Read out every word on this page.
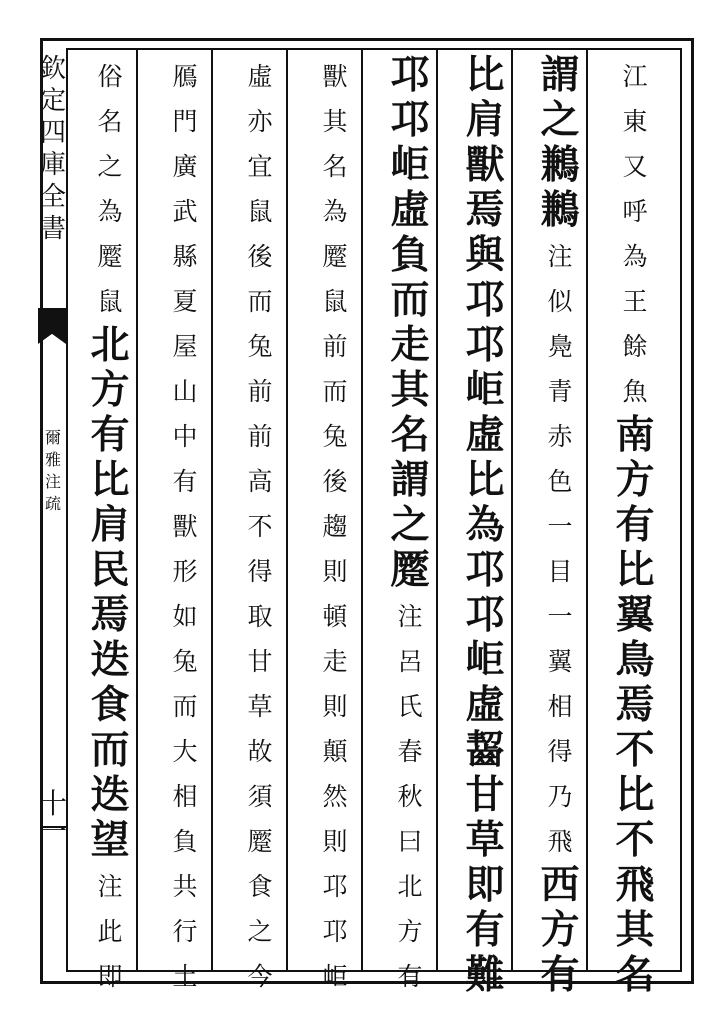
欽
定
四
庫
全
書
爾
雅
注
疏
十一
江
東
又
呼
為
王
餘
魚
南
方
有
比
翼
鳥
焉
不
比
不
飛
其
名
謂
之
鶼
鶼
注
似
鳧
青
赤
色
一
目
一
翼
相
得
乃
飛
西
方
有
比
肩
獸
焉
與
邛
邛
岠
虛
比
為
邛
邛
岠
虛
齧
甘
草
即
有
難
邛
邛
岠
虛
負
而
走
其
名
謂
之
蹷
注
呂
氏
春
秋
曰
北
方
有
獸
其
名
為
蹷
鼠
前
而
兔
後
趨
則
頓
走
則
顛
然
則
邛
邛
岠
虛
亦
宜
鼠
後
而
兔
前
前
高
不
得
取
甘
草
故
須
蹷
食
之
今
鴈
門
廣
武
縣
夏
屋
山
中
有
獸
形
如
兔
而
大
相
負
共
行
土
俗
名
之
為
蹷
鼠
北
方
有
比
肩
民
焉
迭
食
而
迭
望
注
此
即
